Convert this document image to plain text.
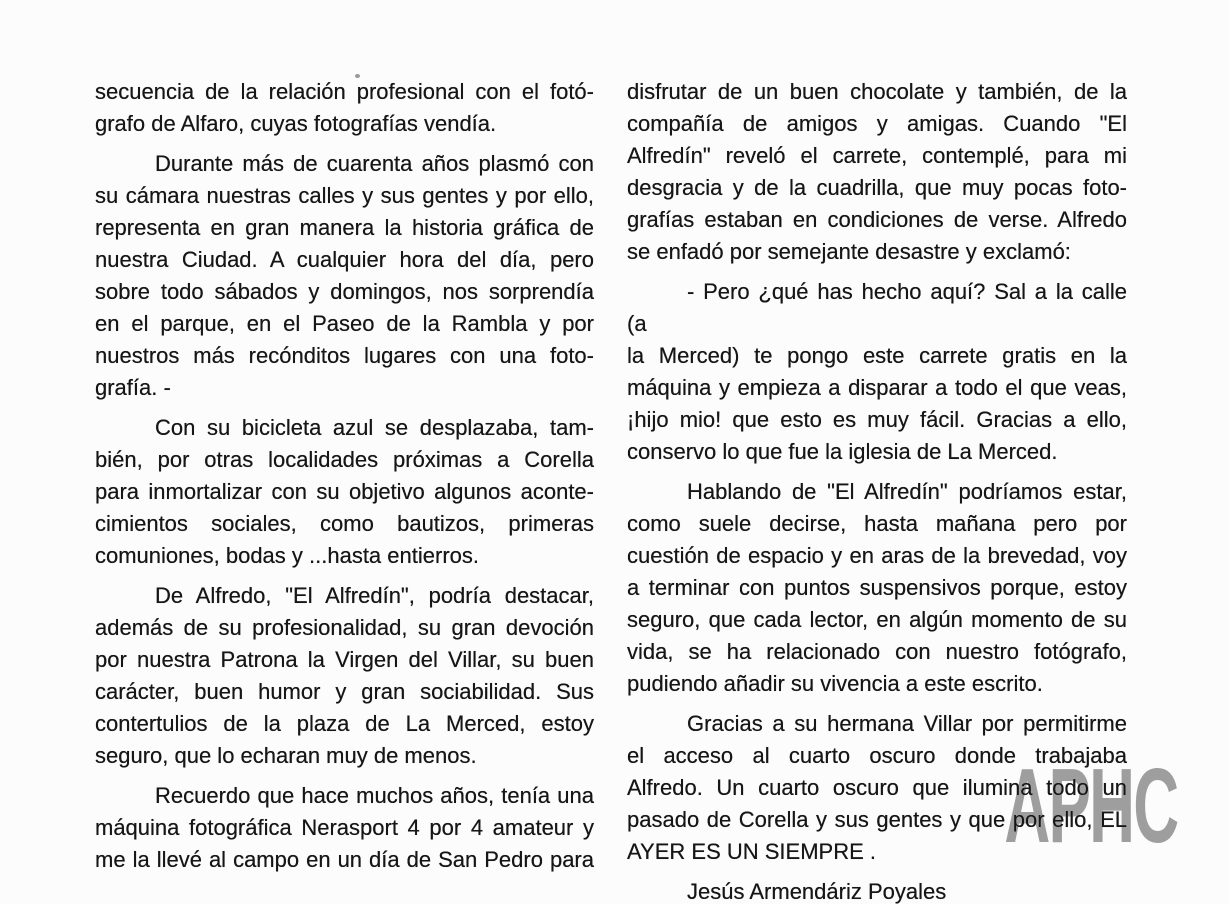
secuencia de la relación profesional con el fotó-
grafo de Alfaro, cuyas fotografías vendía.
Durante más de cuarenta años plasmó con
su cámara nuestras calles y sus gentes y por ello,
representa en gran manera la historia gráfica de
nuestra Ciudad. A cualquier hora del día, pero
sobre todo sábados y domingos, nos sorprendía
en el parque, en el Paseo de la Rambla y por
nuestros más recónditos lugares con una foto-
grafía. -
Con su bicicleta azul se desplazaba, tam-
bién, por otras localidades próximas a Corella
para inmortalizar con su objetivo algunos aconte-
cimientos sociales, como bautizos, primeras
comuniones, bodas y ...hasta entierros.
De Alfredo, "El Alfredín", podría destacar,
además de su profesionalidad, su gran devoción
por nuestra Patrona la Virgen del Villar, su buen
carácter, buen humor y gran sociabilidad. Sus
contertulios de la plaza de La Merced, estoy
seguro, que lo echaran muy de menos.
Recuerdo que hace muchos años, tenía una
máquina fotográfica Nerasport 4 por 4 amateur y
me la llevé al campo en un día de San Pedro para
disfrutar de un buen chocolate y también, de la
compañía de amigos y amigas. Cuando "El
Alfredín" reveló el carrete, contemplé, para mi
desgracia y de la cuadrilla, que muy pocas foto-
grafías estaban en condiciones de verse. Alfredo
se enfadó por semejante desastre y exclamó:
- Pero ¿qué has hecho aquí? Sal a la calle (a
la Merced) te pongo este carrete gratis en la
máquina y empieza a disparar a todo el que veas,
¡hijo mio! que esto es muy fácil. Gracias a ello,
conservo lo que fue la iglesia de La Merced.
Hablando de "El Alfredín" podríamos estar,
como suele decirse, hasta mañana pero por
cuestión de espacio y en aras de la brevedad, voy
a terminar con puntos suspensivos porque, estoy
seguro, que cada lector, en algún momento de su
vida, se ha relacionado con nuestro fotógrafo,
pudiendo añadir su vivencia a este escrito.
Gracias a su hermana Villar por permitirme
el acceso al cuarto oscuro donde trabajaba
Alfredo. Un cuarto oscuro que ilumina todo un
pasado de Corella y sus gentes y que por ello, EL
AYER ES UN SIEMPRE .
Jesús Armendáriz Poyales
APHC
